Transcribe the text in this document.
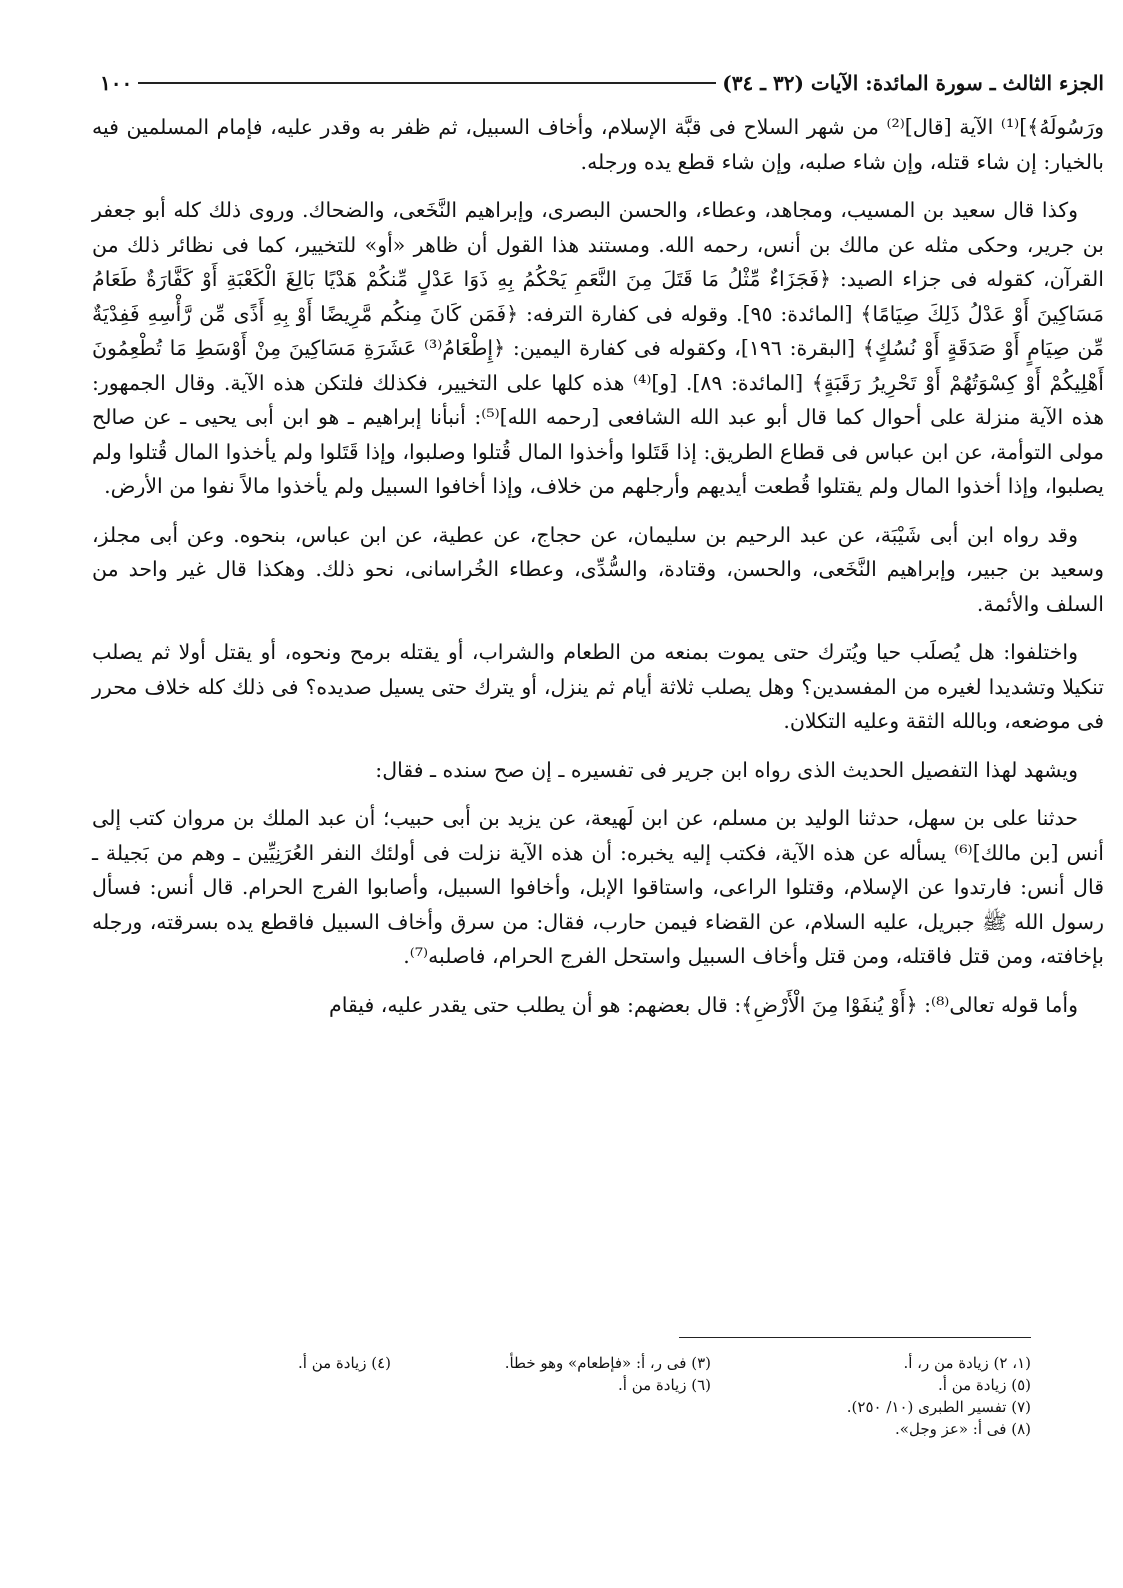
الجزء الثالث ـ سورة المائدة: الآيات (٣٢ ـ ٣٤)
١٠٠

ورَسُولَهُ﴾]⁽¹⁾ الآية [قال]⁽²⁾ من شهر السلاح فى قبَّة الإسلام، وأخاف السبيل، ثم ظفر به وقدر عليه، فإمام المسلمين فيه بالخيار: إن شاء قتله، وإن شاء صلبه، وإن شاء قطع يده ورجله.

وكذا قال سعيد بن المسيب، ومجاهد، وعطاء، والحسن البصرى، وإبراهيم النَّخَعى، والضحاك. وروى ذلك كله أبو جعفر بن جرير، وحكى مثله عن مالك بن أنس، رحمه الله. ومستند هذا القول أن ظاهر «أو» للتخيير، كما فى نظائر ذلك من القرآن، كقوله فى جزاء الصيد: ﴿فَجَزَاءٌ مِّثْلُ مَا قَتَلَ مِنَ النَّعَمِ يَحْكُمُ بِهِ ذَوَا عَدْلٍ مِّنكُمْ هَدْيًا بَالِغَ الْكَعْبَةِ أَوْ كَفَّارَةٌ طَعَامُ مَسَاكِينَ أَوْ عَدْلُ ذَلِكَ صِيَامًا﴾ [المائدة: ٩٥]. وقوله فى كفارة الترفه: ﴿فَمَن كَانَ مِنكُم مَّرِيضًا أَوْ بِهِ أَذًى مِّن رَّأْسِهِ فَفِدْيَةٌ مِّن صِيَامٍ أَوْ صَدَقَةٍ أَوْ نُسُكٍ﴾ [البقرة: ١٩٦]، وكقوله فى كفارة اليمين: ﴿إِطْعَامُ⁽³⁾ عَشَرَةِ مَسَاكِينَ مِنْ أَوْسَطِ مَا تُطْعِمُونَ أَهْلِيكُمْ أَوْ كِسْوَتُهُمْ أَوْ تَحْرِيرُ رَقَبَةٍ﴾ [المائدة: ٨٩]. [و]⁽⁴⁾ هذه كلها على التخيير، فكذلك فلتكن هذه الآية. وقال الجمهور: هذه الآية منزلة على أحوال كما قال أبو عبد الله الشافعى [رحمه الله]⁽⁵⁾: أنبأنا إبراهيم ـ هو ابن أبى يحيى ـ عن صالح مولى التوأمة، عن ابن عباس فى قطاع الطريق: إذا قَتَلوا وأخذوا المال قُتلوا وصلبوا، وإذا قَتَلوا ولم يأخذوا المال قُتلوا ولم يصلبوا، وإذا أخذوا المال ولم يقتلوا قُطعت أيديهم وأرجلهم من خلاف، وإذا أخافوا السبيل ولم يأخذوا مالاً نفوا من الأرض.

وقد رواه ابن أبى شَيْبَة، عن عبد الرحيم بن سليمان، عن حجاج، عن عطية، عن ابن عباس، بنحوه. وعن أبى مجلز، وسعيد بن جبير، وإبراهيم النَّخَعى، والحسن، وقتادة، والسُّدِّى، وعطاء الخُراسانى، نحو ذلك. وهكذا قال غير واحد من السلف والأئمة.

واختلفوا: هل يُصلَب حيا ويُترك حتى يموت بمنعه من الطعام والشراب، أو يقتله برمح ونحوه، أو يقتل أولا ثم يصلب تنكيلا وتشديدا لغيره من المفسدين؟ وهل يصلب ثلاثة أيام ثم ينزل، أو يترك حتى يسيل صديده؟ فى ذلك كله خلاف محرر فى موضعه، وبالله الثقة وعليه التكلان.

ويشهد لهذا التفصيل الحديث الذى رواه ابن جرير فى تفسيره ـ إن صح سنده ـ فقال:

حدثنا على بن سهل، حدثنا الوليد بن مسلم، عن ابن لَهيعة، عن يزيد بن أبى حبيب؛ أن عبد الملك بن مروان كتب إلى أنس [بن مالك]⁽⁶⁾ يسأله عن هذه الآية، فكتب إليه يخبره: أن هذه الآية نزلت فى أولئك النفر العُرَنِيِّين ـ وهم من بَجيلة ـ قال أنس: فارتدوا عن الإسلام، وقتلوا الراعى، واستاقوا الإبل، وأخافوا السبيل، وأصابوا الفرج الحرام. قال أنس: فسأل رسول الله ﷺ جبريل، عليه السلام، عن القضاء فيمن حارب، فقال: من سرق وأخاف السبيل فاقطع يده بسرقته، ورجله بإخافته، ومن قتل فاقتله، ومن قتل وأخاف السبيل واستحل الفرج الحرام، فاصلبه⁽⁷⁾.

وأما قوله تعالى⁽⁸⁾: ﴿أَوْ يُنفَوْا مِنَ الْأَرْضِ﴾: قال بعضهم: هو أن يطلب حتى يقدر عليه، فيقام

(١، ٢) زيادة من ر، أ.
(٣) فى ر، أ: «فإطعام» وهو خطأ.
(٤) زيادة من أ.
(٥) زيادة من أ.
(٦) زيادة من أ.
(٧) تفسير الطبرى (١٠/ ٢٥٠).
(٨) فى أ: «عز وجل».
